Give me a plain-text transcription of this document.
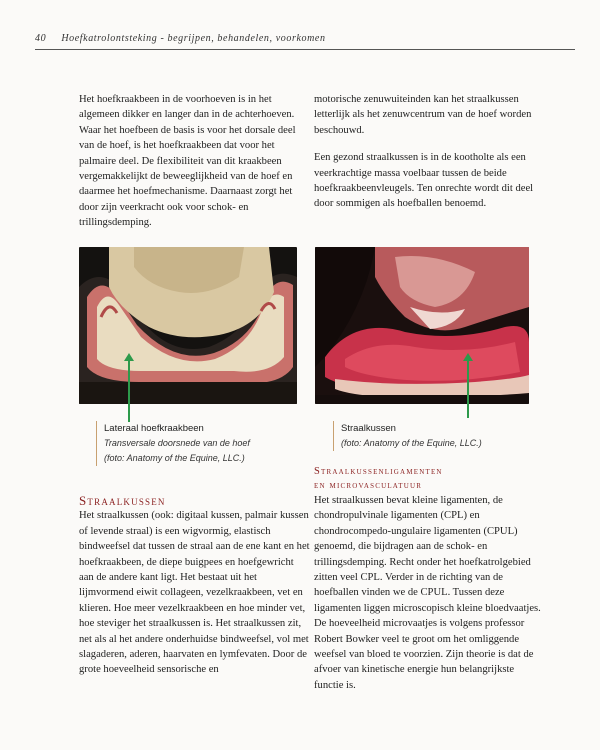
40 Hoefkatrolontsteking - begrijpen, behandelen, voorkomen

Het hoefkraakbeen in de voorhoeven is in het algemeen dikker en langer dan in de achterhoeven. Waar het hoefbeen de basis is voor het dorsale deel van de hoef, is het hoefkraakbeen dat voor het palmaire deel. De flexibiliteit van dit kraakbeen vergemakkelijkt de beweeglijkheid van de hoef en daarmee het hoefmechanisme. Daarnaast zorgt het door zijn veerkracht ook voor schok- en trillingsdemping.

motorische zenuwuiteinden kan het straalkussen letterlijk als het zenuwcentrum van de hoef worden beschouwd.

Een gezond straalkussen is in de kootholte als een veerkrachtige massa voelbaar tussen de beide hoefkraakbeenvleugels. Ten onrechte wordt dit deel door sommigen als hoefballen benoemd.

Lateraal hoefkraakbeen
Transversale doorsnede van de hoef
(foto: Anatomy of the Equine, LLC.)
Straalkussen
(foto: Anatomy of the Equine, LLC.)
Straalkussen

Het straalkussen (ook: digitaal kussen, palmair kussen of levende straal) is een wigvormig, elastisch bindweefsel dat tussen de straal aan de ene kant en het hoefkraakbeen, de diepe buigpees en hoefgewricht aan de andere kant ligt. Het bestaat uit het lijmvormend eiwit collageen, vezelkraakbeen, vet en klieren. Hoe meer vezelkraakbeen en hoe minder vet, hoe steviger het straalkussen is. Het straalkussen zit, net als al het andere onderhuidse bindweefsel, vol met slagaderen, aderen, haarvaten en lymfevaten. Door de grote hoeveelheid sensorische en

Straalkussenligamenten
en microvasculatuur

Het straalkussen bevat kleine ligamenten, de chondropulvinale ligamenten (CPL) en chondrocompedo-ungulaire ligamenten (CPUL) genoemd, die bijdragen aan de schok- en trillingsdemping. Recht onder het hoefkatrolgebied zitten veel CPL. Verder in de richting van de hoefballen vinden we de CPUL. Tussen deze ligamenten liggen microscopisch kleine bloedvaatjes. De hoeveelheid microvaatjes is volgens professor Robert Bowker veel te groot om het omliggende weefsel van bloed te voorzien. Zijn theorie is dat de afvoer van kinetische energie hun belangrijkste functie is.
